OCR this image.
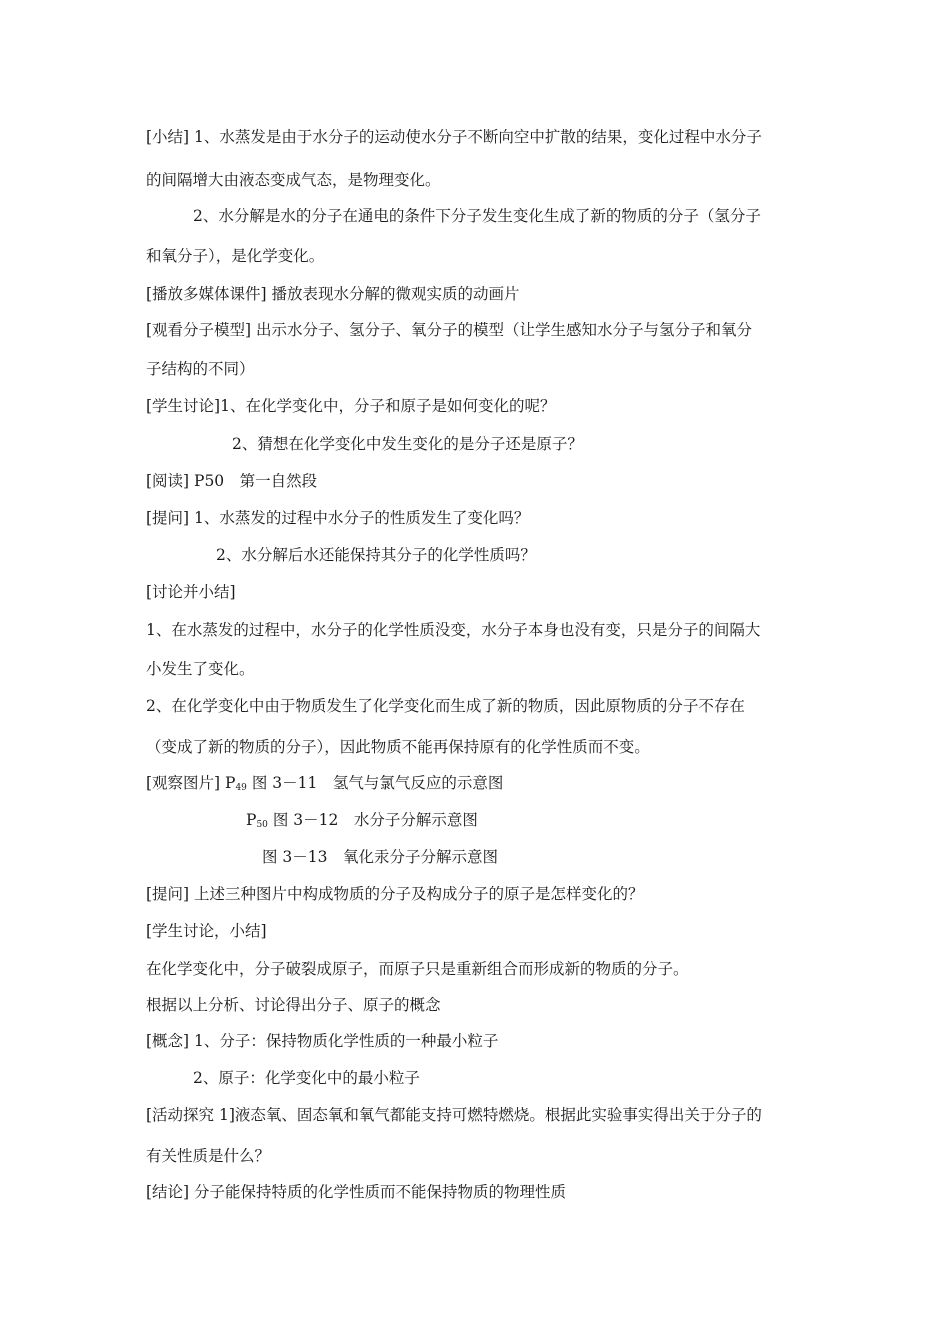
[小结] 1、水蒸发是由于水分子的运动使水分子不断向空中扩散的结果，变化过程中水分子
的间隔增大由液态变成气态，是物理变化。
2、水分解是水的分子在通电的条件下分子发生变化生成了新的物质的分子（氢分子
和氧分子），是化学变化。
[播放多媒体课件] 播放表现水分解的微观实质的动画片
[观看分子模型] 出示水分子、氢分子、氧分子的模型（让学生感知水分子与氢分子和氧分
子结构的不同）
[学生讨论]1、在化学变化中，分子和原子是如何变化的呢？
2、猜想在化学变化中发生变化的是分子还是原子？
[阅读] P50　第一自然段
[提问] 1、水蒸发的过程中水分子的性质发生了变化吗？
2、水分解后水还能保持其分子的化学性质吗？
[讨论并小结]
1、在水蒸发的过程中，水分子的化学性质没变，水分子本身也没有变，只是分子的间隔大
小发生了变化。
2、在化学变化中由于物质发生了化学变化而生成了新的物质，因此原物质的分子不存在
（变成了新的物质的分子），因此物质不能再保持原有的化学性质而不变。
[观察图片] $P_{49}$ 图 3－11　氢气与氯气反应的示意图
$P_{50}$ 图 3－12　水分子分解示意图
图 3－13　氧化汞分子分解示意图
[提问] 上述三种图片中构成物质的分子及构成分子的原子是怎样变化的？
[学生讨论，小结]
在化学变化中，分子破裂成原子，而原子只是重新组合而形成新的物质的分子。
根据以上分析、讨论得出分子、原子的概念
[概念] 1、分子：保持物质化学性质的一种最小粒子
2、原子：化学变化中的最小粒子
[活动探究 1]液态氧、固态氧和氧气都能支持可燃特燃烧。根据此实验事实得出关于分子的
有关性质是什么？
[结论] 分子能保持特质的化学性质而不能保持物质的物理性质
